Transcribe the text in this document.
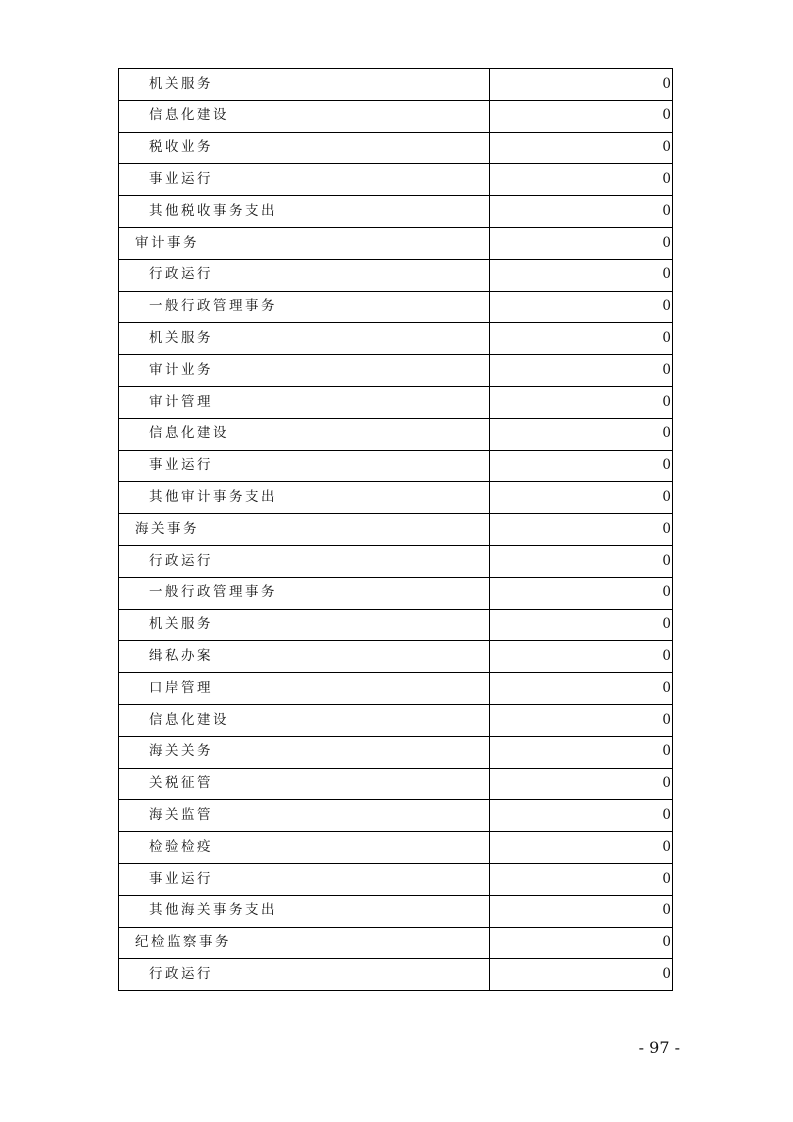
机关服务	0
信息化建设	0
税收业务	0
事业运行	0
其他税收事务支出	0
审计事务	0
行政运行	0
一般行政管理事务	0
机关服务	0
审计业务	0
审计管理	0
信息化建设	0
事业运行	0
其他审计事务支出	0
海关事务	0
行政运行	0
一般行政管理事务	0
机关服务	0
缉私办案	0
口岸管理	0
信息化建设	0
海关关务	0
关税征管	0
海关监管	0
检验检疫	0
事业运行	0
其他海关事务支出	0
纪检监察事务	0
行政运行	0
- 97 -
